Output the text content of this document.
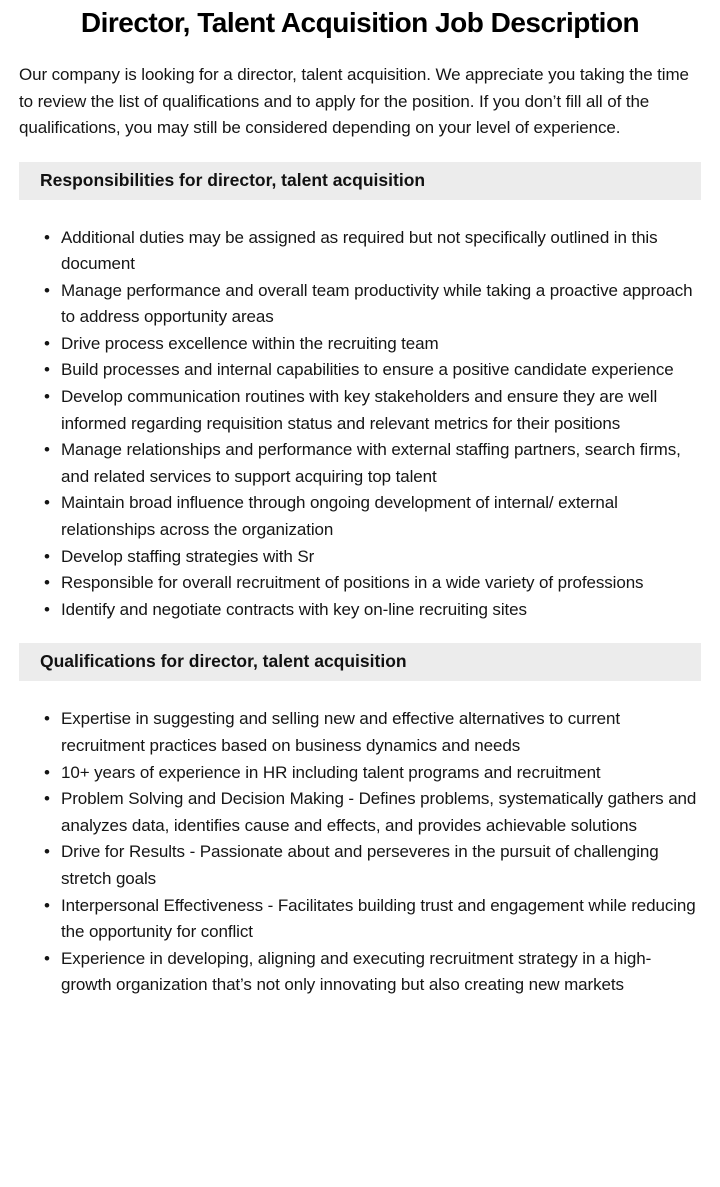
Director, Talent Acquisition Job Description

Our company is looking for a director, talent acquisition. We appreciate you taking the time to review the list of qualifications and to apply for the position. If you don’t fill all of the qualifications, you may still be considered depending on your level of experience.

Responsibilities for director, talent acquisition
• Additional duties may be assigned as required but not specifically outlined in this document
• Manage performance and overall team productivity while taking a proactive approach to address opportunity areas
• Drive process excellence within the recruiting team
• Build processes and internal capabilities to ensure a positive candidate experience
• Develop communication routines with key stakeholders and ensure they are well informed regarding requisition status and relevant metrics for their positions
• Manage relationships and performance with external staffing partners, search firms, and related services to support acquiring top talent
• Maintain broad influence through ongoing development of internal/ external relationships across the organization
• Develop staffing strategies with Sr
• Responsible for overall recruitment of positions in a wide variety of professions
• Identify and negotiate contracts with key on-line recruiting sites
Qualifications for director, talent acquisition
• Expertise in suggesting and selling new and effective alternatives to current recruitment practices based on business dynamics and needs
• 10+ years of experience in HR including talent programs and recruitment
• Problem Solving and Decision Making - Defines problems, systematically gathers and analyzes data, identifies cause and effects, and provides achievable solutions
• Drive for Results - Passionate about and perseveres in the pursuit of challenging stretch goals
• Interpersonal Effectiveness - Facilitates building trust and engagement while reducing the opportunity for conflict
• Experience in developing, aligning and executing recruitment strategy in a high-growth organization that’s not only innovating but also creating new markets
